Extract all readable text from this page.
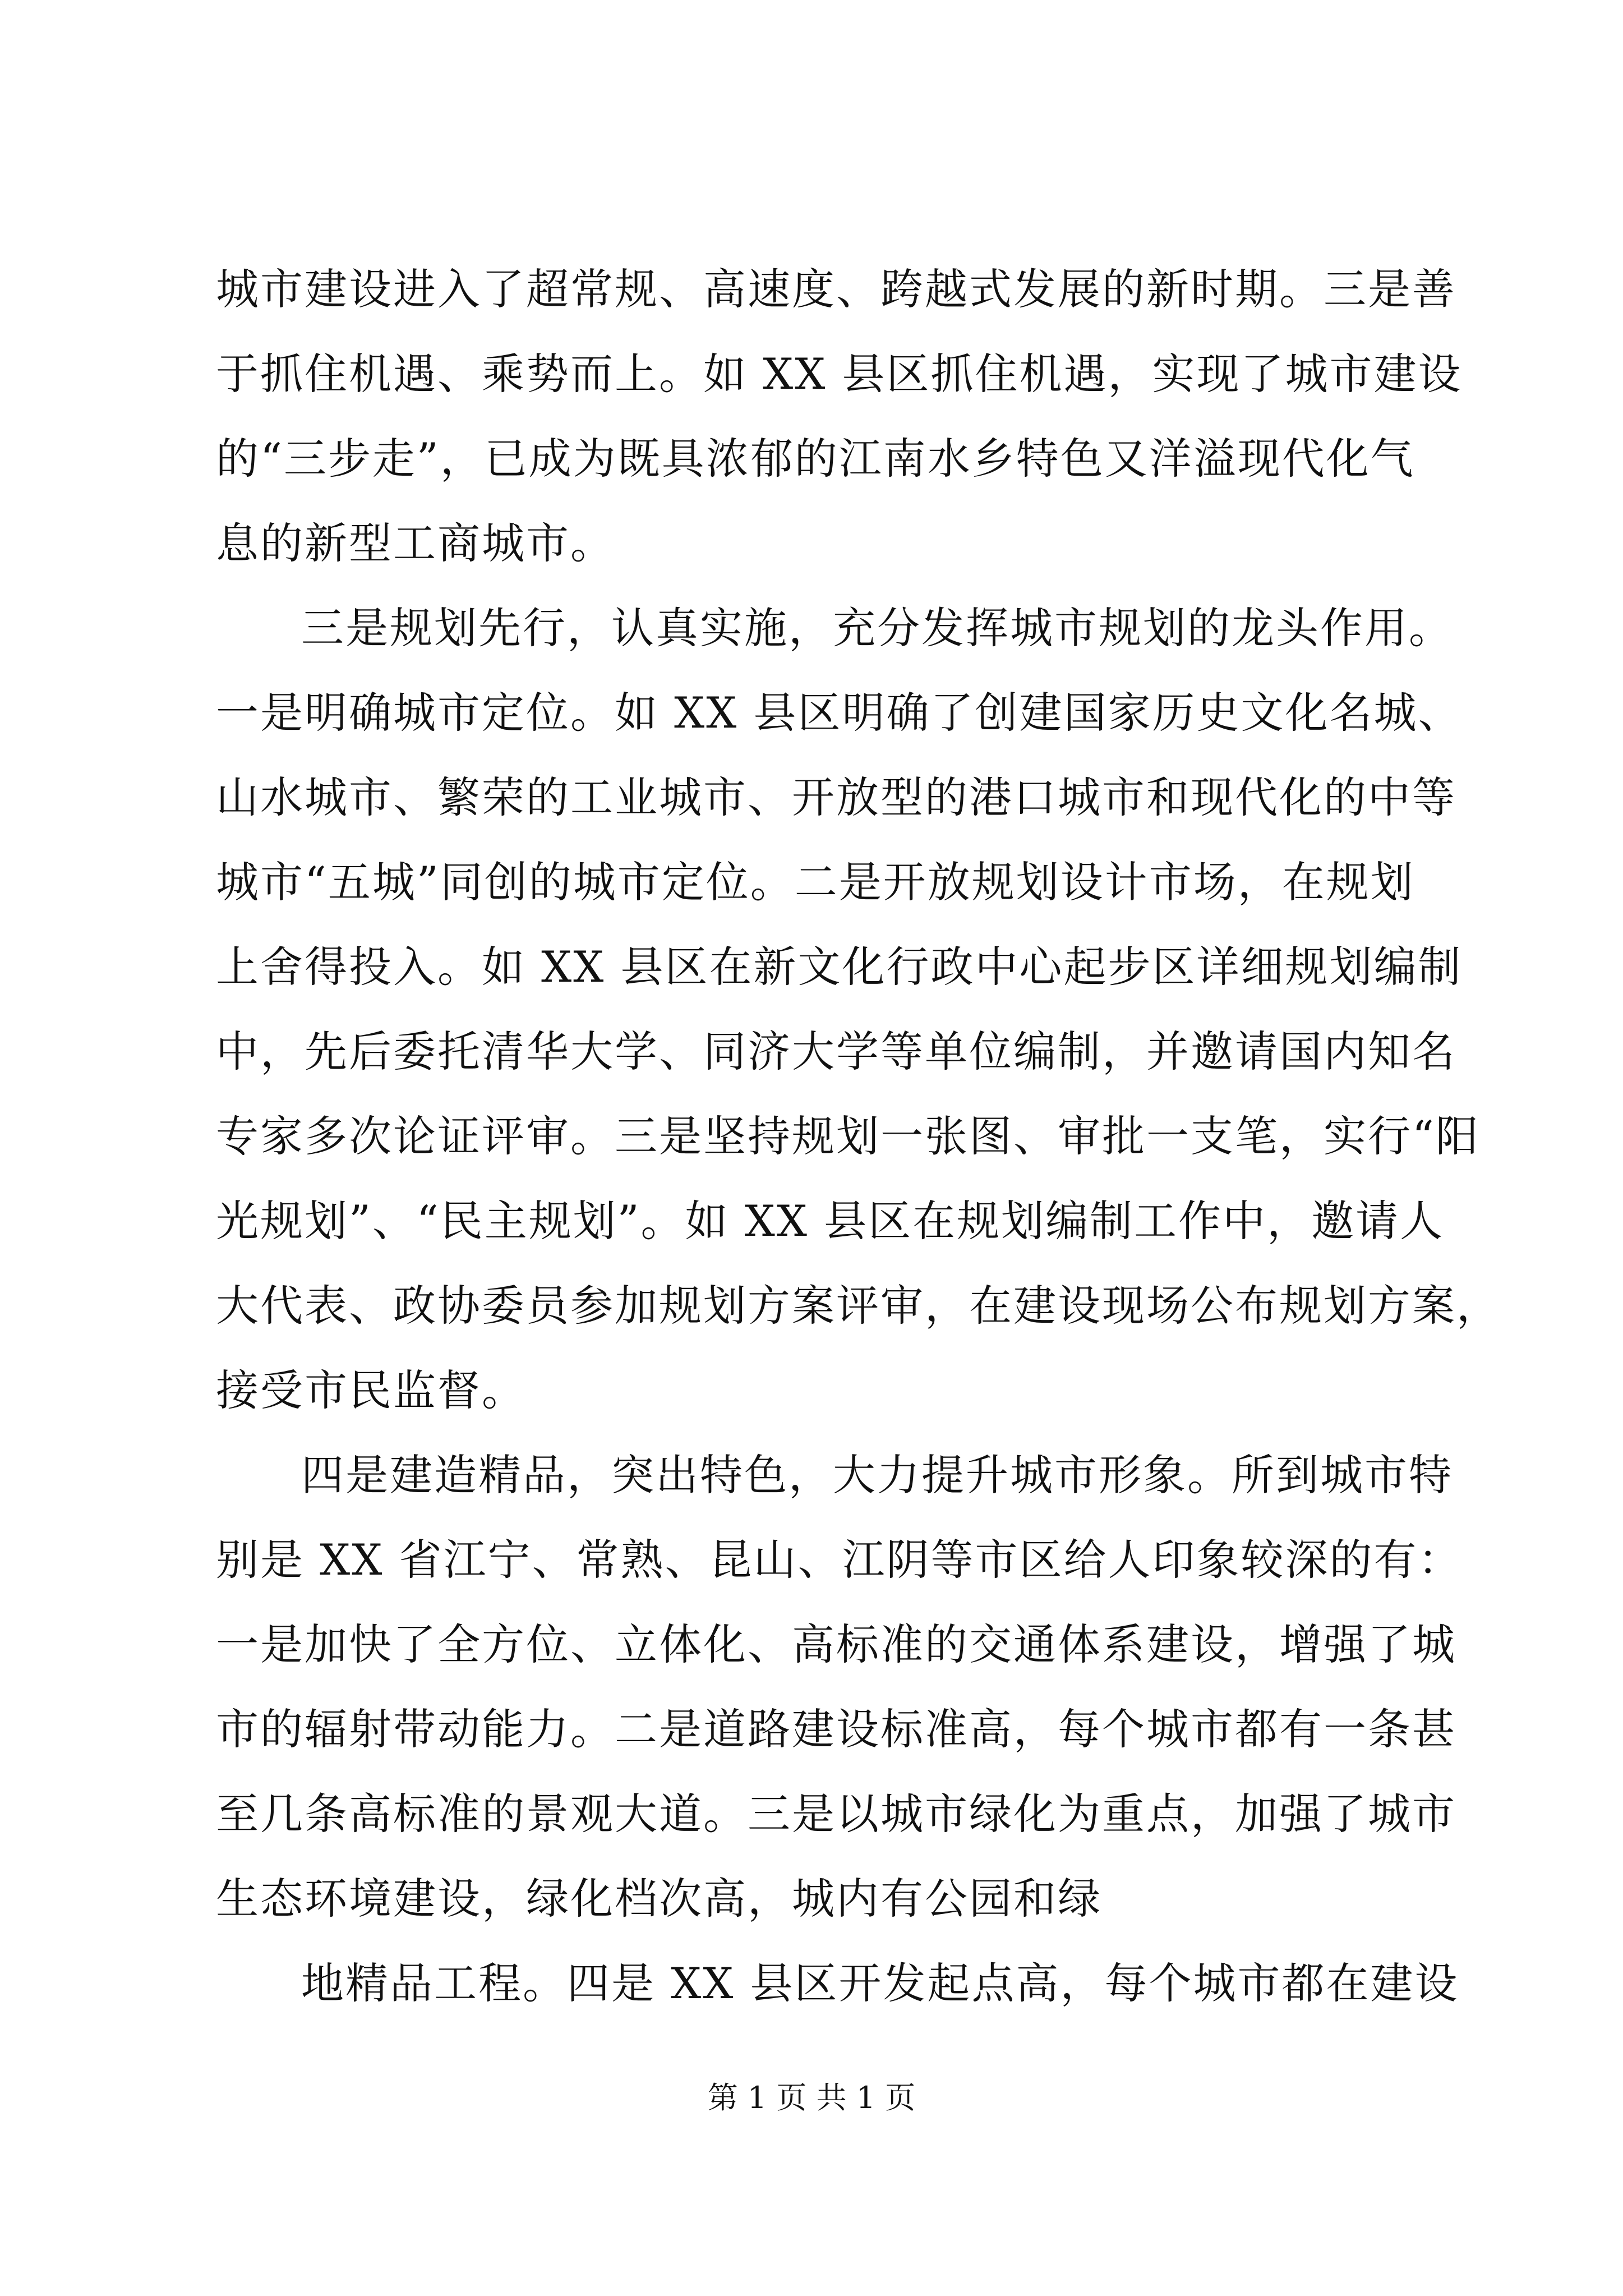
城市建设进入了超常规、高速度、跨越式发展的新时期。三是善
于抓住机遇、乘势而上。如 XX 县区抓住机遇，实现了城市建设
的“三步走”，已成为既具浓郁的江南水乡特色又洋溢现代化气
息的新型工商城市。
三是规划先行，认真实施，充分发挥城市规划的龙头作用。
一是明确城市定位。如 XX 县区明确了创建国家历史文化名城、
山水城市、繁荣的工业城市、开放型的港口城市和现代化的中等
城市“五城”同创的城市定位。二是开放规划设计市场，在规划
上舍得投入。如 XX 县区在新文化行政中心起步区详细规划编制
中，先后委托清华大学、同济大学等单位编制，并邀请国内知名
专家多次论证评审。三是坚持规划一张图、审批一支笔，实行“阳
光规划”、“民主规划”。如 XX 县区在规划编制工作中，邀请人
大代表、政协委员参加规划方案评审，在建设现场公布规划方案，
接受市民监督。
四是建造精品，突出特色，大力提升城市形象。所到城市特
别是 XX 省江宁、常熟、昆山、江阴等市区给人印象较深的有：
一是加快了全方位、立体化、高标准的交通体系建设，增强了城
市的辐射带动能力。二是道路建设标准高，每个城市都有一条甚
至几条高标准的景观大道。三是以城市绿化为重点，加强了城市
生态环境建设，绿化档次高，城内有公园和绿
地精品工程。四是 XX 县区开发起点高，每个城市都在建设
第 1 页 共 1 页
